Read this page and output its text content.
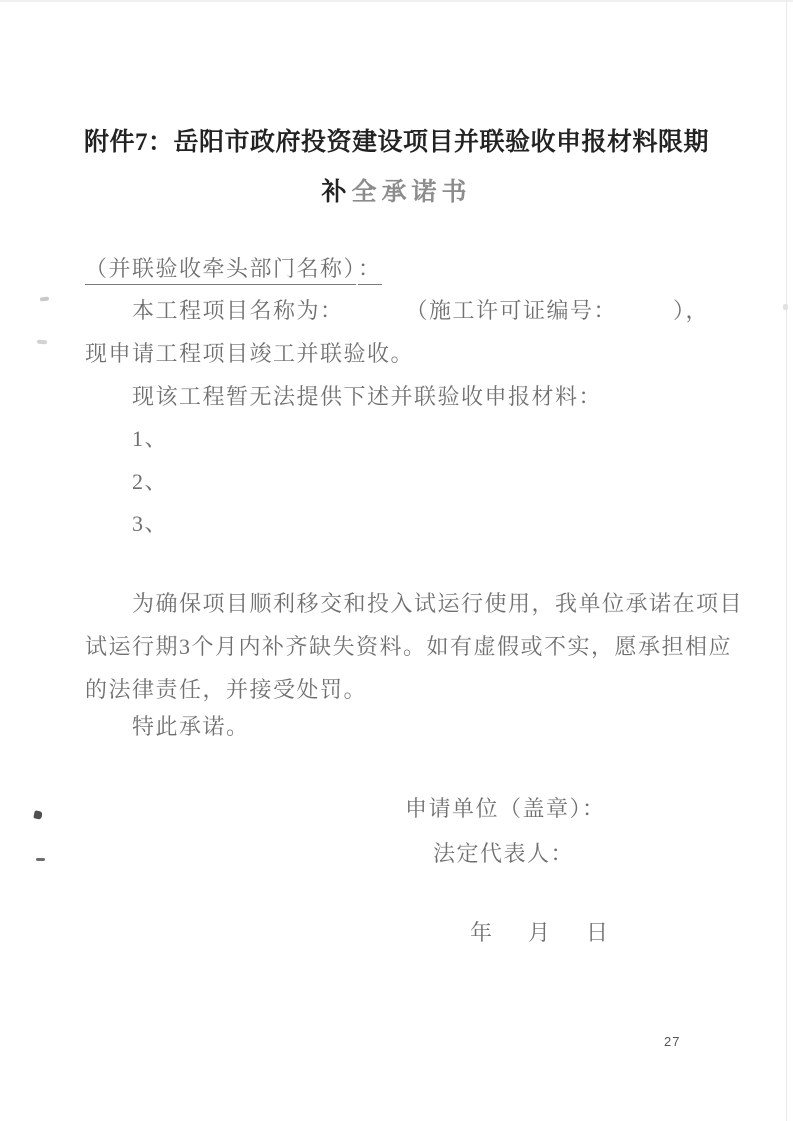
附件7：岳阳市政府投资建设项目并联验收申报材料限期
补全承诺书
（并联验收牵头部门名称）：
本工程项目名称为：	（施工许可证编号：	），
现申请工程项目竣工并联验收。
现该工程暂无法提供下述并联验收申报材料：
1、
2、
3、
为确保项目顺利移交和投入试运行使用，我单位承诺在项目
试运行期3个月内补齐缺失资料。如有虚假或不实，愿承担相应
的法律责任，并接受处罚。
特此承诺。
申请单位（盖章）：
法定代表人：
年　月　日
27
